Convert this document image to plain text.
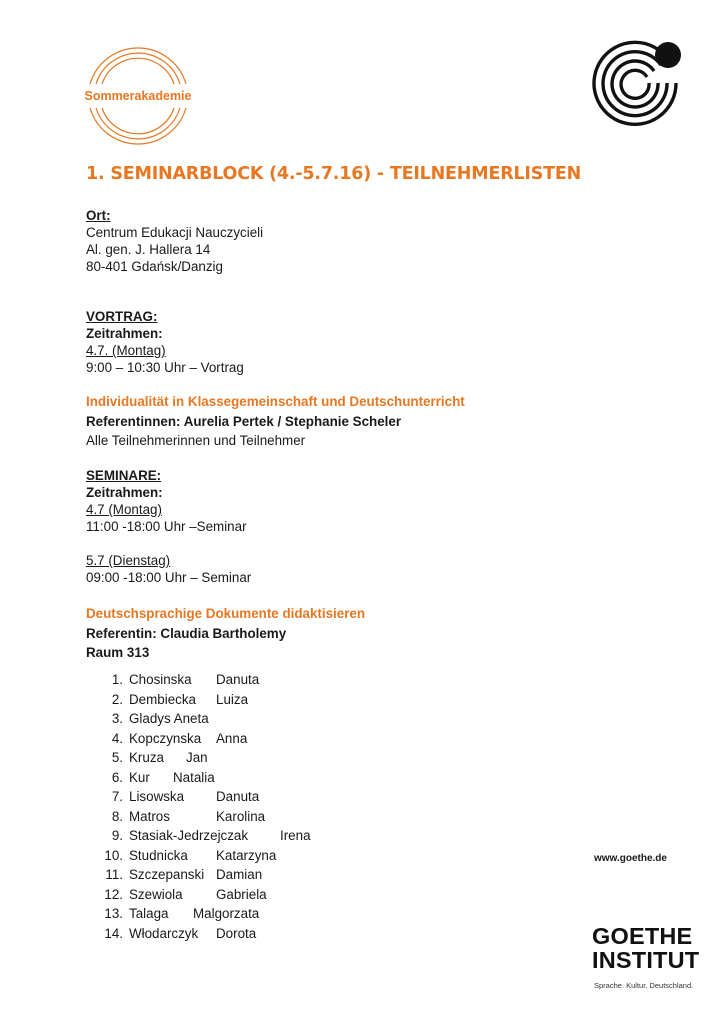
Sommerakademie
1. SEMINARBLOCK (4.-5.7.16) - TEILNEHMERLISTEN
Ort:
Centrum Edukacji Nauczycieli
Al. gen. J. Hallera 14
80-401 Gdańsk/Danzig
VORTRAG:
Zeitrahmen:
4.7. (Montag)
9:00 – 10:30 Uhr – Vortrag
Individualität in Klassegemeinschaft und Deutschunterricht
Referentinnen: Aurelia Pertek / Stephanie Scheler
Alle Teilnehmerinnen und Teilnehmer
SEMINARE:
Zeitrahmen:
4.7 (Montag)
11:00 -18:00 Uhr –Seminar
5.7 (Dienstag)
09:00 -18:00 Uhr – Seminar
Deutschsprachige Dokumente didaktisieren
Referentin: Claudia Bartholemy
Raum 313
1. Chosinska Danuta
2. Dembiecka Luiza
3. Gladys Aneta
4. Kopczynska Anna
5. Kruza Jan
6. Kur Natalia
7. Lisowska Danuta
8. Matros	Karolina
9. Stasiak-Jedrzejczak Irena
10. Studnicka Katarzyna
11. Szczepanski Damian
12. Szewiola Gabriela
13. Talaga Malgorzata
14. Włodarczyk Dorota
www.goethe.de
GOETHE
INSTITUT
Sprache. Kultur. Deutschland.
